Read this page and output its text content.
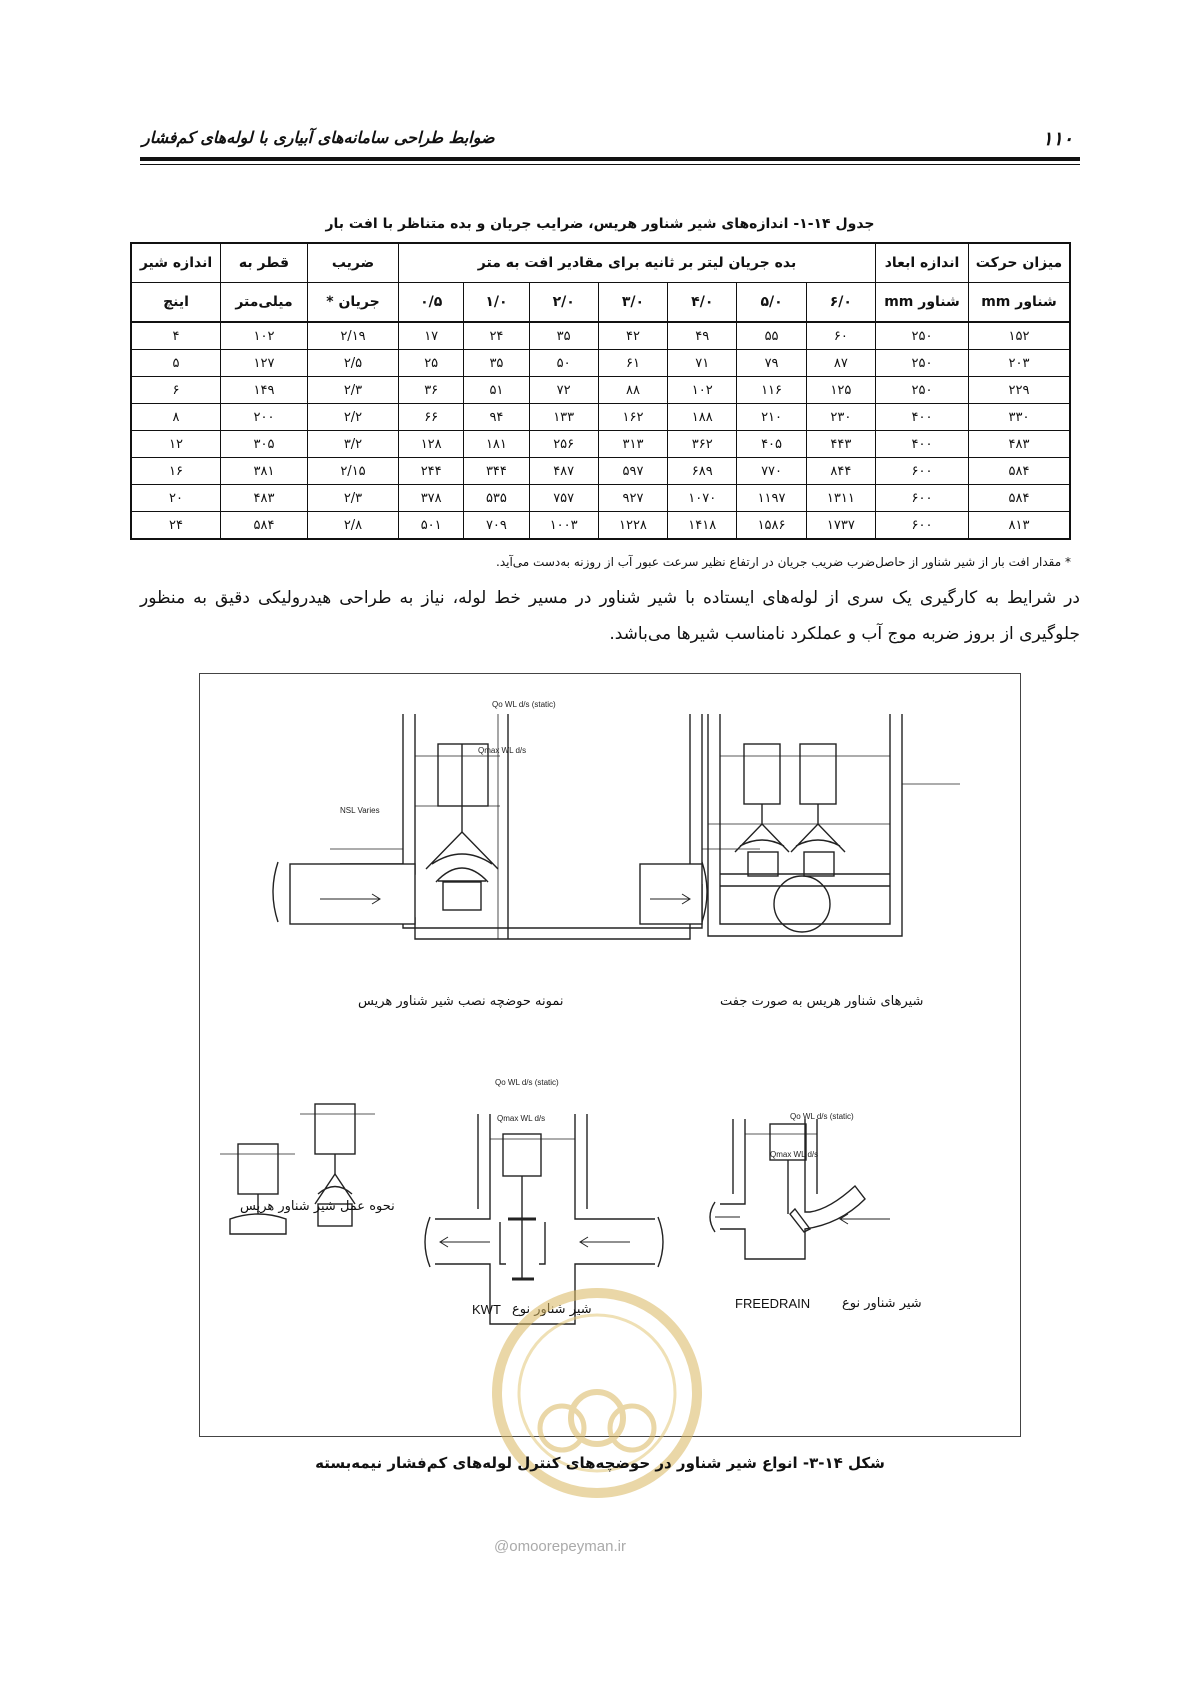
۱۱۰
ضوابط طراحی سامانه‌های آبیاری با لوله‌های کم‌فشار
جدول ۱۴-۱- اندازه‌های شیر شناور هریس، ضرایب جریان و بده متناظر با افت بار
میزان حرکت	اندازه ابعاد	بده جریان لیتر بر ثانیه برای مقادیر افت به متر							ضریب	قطر به	اندازه شیر
شناور mm	شناور mm	۶/۰	۵/۰	۴/۰	۳/۰	۲/۰	۱/۰	۰/۵	جریان *	میلی‌متر	اینچ
۱۵۲	۲۵۰	۶۰	۵۵	۴۹	۴۲	۳۵	۲۴	۱۷	۲/۱۹	۱۰۲	۴
۲۰۳	۲۵۰	۸۷	۷۹	۷۱	۶۱	۵۰	۳۵	۲۵	۲/۵	۱۲۷	۵
۲۲۹	۲۵۰	۱۲۵	۱۱۶	۱۰۲	۸۸	۷۲	۵۱	۳۶	۲/۳	۱۴۹	۶
۳۳۰	۴۰۰	۲۳۰	۲۱۰	۱۸۸	۱۶۲	۱۳۳	۹۴	۶۶	۲/۲	۲۰۰	۸
۴۸۳	۴۰۰	۴۴۳	۴۰۵	۳۶۲	۳۱۳	۲۵۶	۱۸۱	۱۲۸	۳/۲	۳۰۵	۱۲
۵۸۴	۶۰۰	۸۴۴	۷۷۰	۶۸۹	۵۹۷	۴۸۷	۳۴۴	۲۴۴	۲/۱۵	۳۸۱	۱۶
۵۸۴	۶۰۰	۱۳۱۱	۱۱۹۷	۱۰۷۰	۹۲۷	۷۵۷	۵۳۵	۳۷۸	۲/۳	۴۸۳	۲۰
۸۱۳	۶۰۰	۱۷۳۷	۱۵۸۶	۱۴۱۸	۱۲۲۸	۱۰۰۳	۷۰۹	۵۰۱	۲/۸	۵۸۴	۲۴
* مقدار افت بار از شیر شناور از حاصل‌ضرب ضریب جریان در ارتفاع نظیر سرعت عبور آب از روزنه به‌دست می‌آید.
در شرایط به کارگیری یک سری از لوله‌های ایستاده با شیر شناور در مسیر خط لوله، نیاز به طراحی هیدرولیکی دقیق به منظور جلوگیری از بروز ضربه موج آب و عملکرد نامناسب شیرها می‌باشد.
Qo WL d/s (static)
Qmax WL d/s
NSL Varies
نمونه حوضچه نصب شیر شناور هریس	شیرهای شناور هریس به صورت جفت
Qo WL d/s (static)
Qmax WL d/s	Qo WL d/s (static)
Qmax WL d/s
نحوه عمل شیر شناور هریس
KWT شیر شناور نوع	FREEDRAIN شیر شناور نوع
@omoorepeyman.ir
شکل ۱۴-۳- انواع شیر شناور در حوضچه‌های کنترل لوله‌های کم‌فشار نیمه‌بسته
